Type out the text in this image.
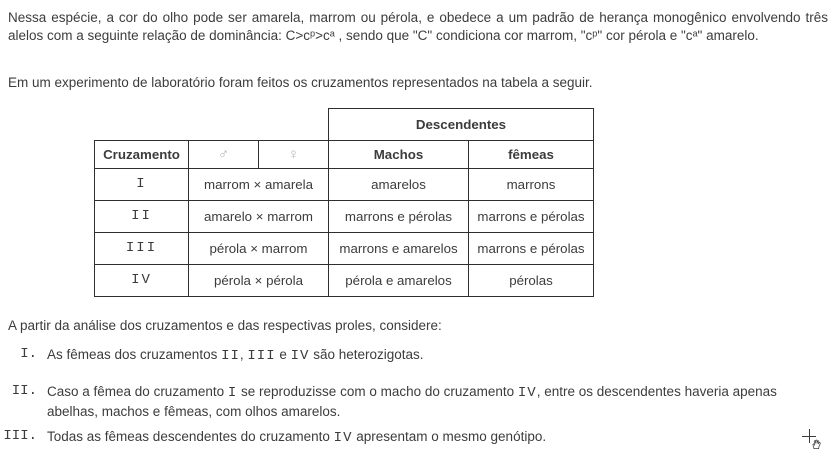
Nessa espécie, a cor do olho pode ser amarela, marrom ou pérola, e obedece a um padrão de herança monogênico envolvendo três alelos com a seguinte relação de dominância: C>cᵖ>cᵃ , sendo que "C" condiciona cor marrom, "cᵖ" cor pérola e "cᵃ" amarelo.

Em um experimento de laboratório foram feitos os cruzamentos representados na tabela a seguir.

			Descendentes	
Cruzamento	♂	♀	Machos	fêmeas
I	marrom × amarela		amarelos	marrons
II	amarelo × marrom		marrons e pérolas	marrons e pérolas
III	pérola × marrom		marrons e amarelos	marrons e pérolas
IV	pérola × pérola		pérola e amarelos	pérolas

A partir da análise dos cruzamentos e das respectivas proles, considere:

I. As fêmeas dos cruzamentos II, III e IV são heterozigotas.
II. Caso a fêmea do cruzamento I se reproduzisse com o macho do cruzamento IV, entre os descendentes haveria apenas abelhas, machos e fêmeas, com olhos amarelos.
III. Todas as fêmeas descendentes do cruzamento IV apresentam o mesmo genótipo.
